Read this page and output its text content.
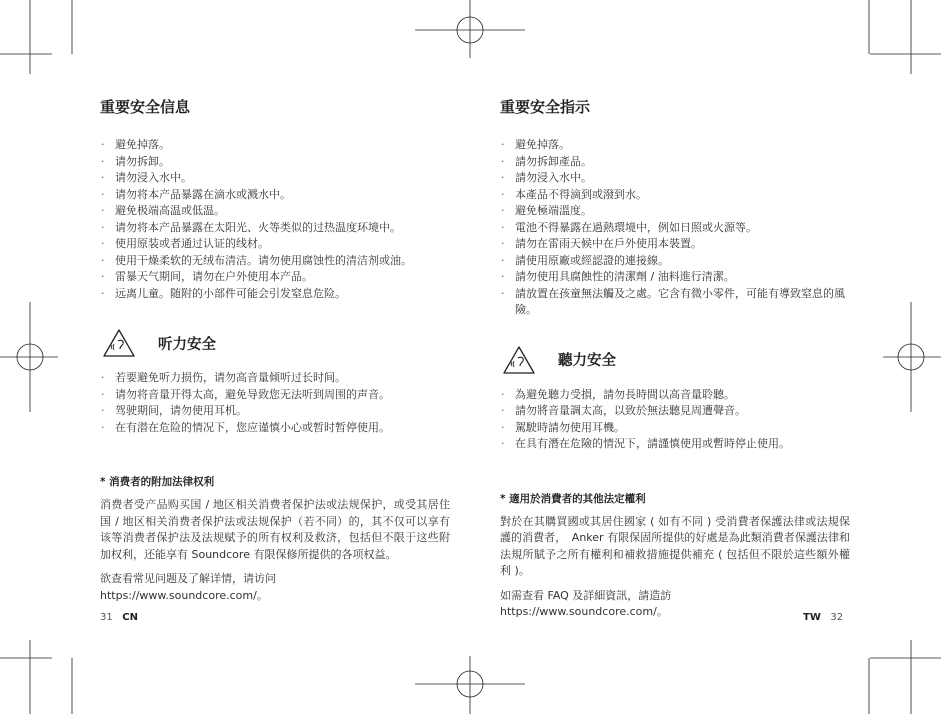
重要安全信息
· 避免掉落。
· 请勿拆卸。
· 请勿浸入水中。
· 请勿将本产品暴露在滴水或溅水中。
· 避免极端高温或低温。
· 请勿将本产品暴露在太阳光、火等类似的过热温度环境中。
· 使用原装或者通过认证的线材。
· 使用干燥柔软的无绒布清洁。请勿使用腐蚀性的清洁剂或油。
· 雷暴天气期间，请勿在户外使用本产品。
· 远离儿童。随附的小部件可能会引发窒息危险。
听力安全
· 若要避免听力损伤，请勿高音量倾听过长时间。
· 请勿将音量开得太高，避免导致您无法听到周围的声音。
· 驾驶期间，请勿使用耳机。
· 在有潜在危险的情况下，您应谨慎小心或暂时暂停使用。
* 消费者的附加法律权利

消费者受产品购买国 / 地区相关消费者保护法或法规保护，或受其居住国 / 地区相关消费者保护法或法规保护（若不同）的，其不仅可以享有该等消费者保护法及法规赋予的所有权利及救济，包括但不限于这些附加权利，还能享有 Soundcore 有限保修所提供的各项权益。

欲查看常见问题及了解详情，请访问
https://www.soundcore.com/。

重要安全指示
· 避免掉落。
· 請勿拆卸產品。
· 請勿浸入水中。
· 本產品不得滴到或潑到水。
· 避免極端溫度。
· 電池不得暴露在過熱環境中，例如日照或火源等。
· 請勿在雷雨天候中在戶外使用本裝置。
· 請使用原廠或經認證的連接線。
· 請勿使用具腐蝕性的清潔劑 / 油料進行清潔。
· 請放置在孩童無法觸及之處。它含有微小零件，可能有導致窒息的風險。
聽力安全
· 為避免聽力受損，請勿長時間以高音量聆聽。
· 請勿將音量調太高，以致於無法聽見周遭聲音。
· 駕駛時請勿使用耳機。
· 在具有潛在危險的情況下，請謹慎使用或暫時停止使用。
* 適用於消費者的其他法定權利

對於在其購買國或其居住國家 ( 如有不同 ) 受消費者保護法律或法規保護的消費者，　Anker 有限保固所提供的好處是為此類消費者保護法律和法規所賦予之所有權利和補救措施提供補充 ( 包括但不限於這些額外權利 )。

如需查看 FAQ 及詳細資訊，請造訪
https://www.soundcore.com/。

31 CN	TW 32
